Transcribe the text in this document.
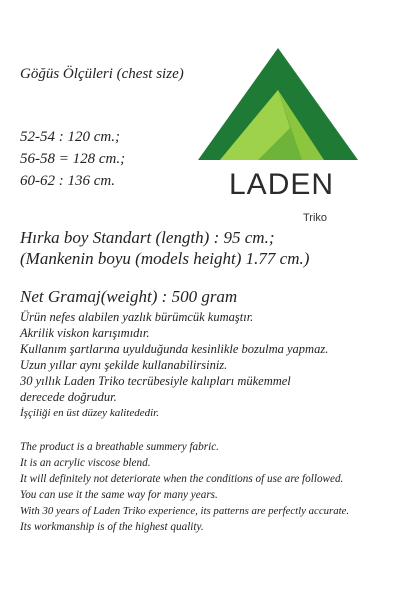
Göğüs Ölçüleri (chest size)

LADEN
Triko
52-54 : 120 cm.;
56-58 = 128 cm.;
60-62 : 136 cm.
Hırka boy Standart (length) : 95 cm.;
(Mankenin boyu (models height) 1.77 cm.)
Net Gramaj(weight) : 500 gram
Ürün nefes alabilen yazlık bürümcük kumaştır.
Akrilik viskon karışımıdır.
Kullanım şartlarına uyulduğunda kesinlikle bozulma yapmaz.
Uzun yıllar aynı şekilde kullanabilirsiniz.
30 yıllık Laden Triko tecrübesiyle kalıpları mükemmel
derecede doğrudur.
İşçiliği en üst düzey kalitededir.
The product is a breathable summery fabric.
It is an acrylic viscose blend.
It will definitely not deteriorate when the conditions of use are followed.
You can use it the same way for many years.
With 30 years of Laden Triko experience, its patterns are perfectly accurate.
Its workmanship is of the highest quality.
